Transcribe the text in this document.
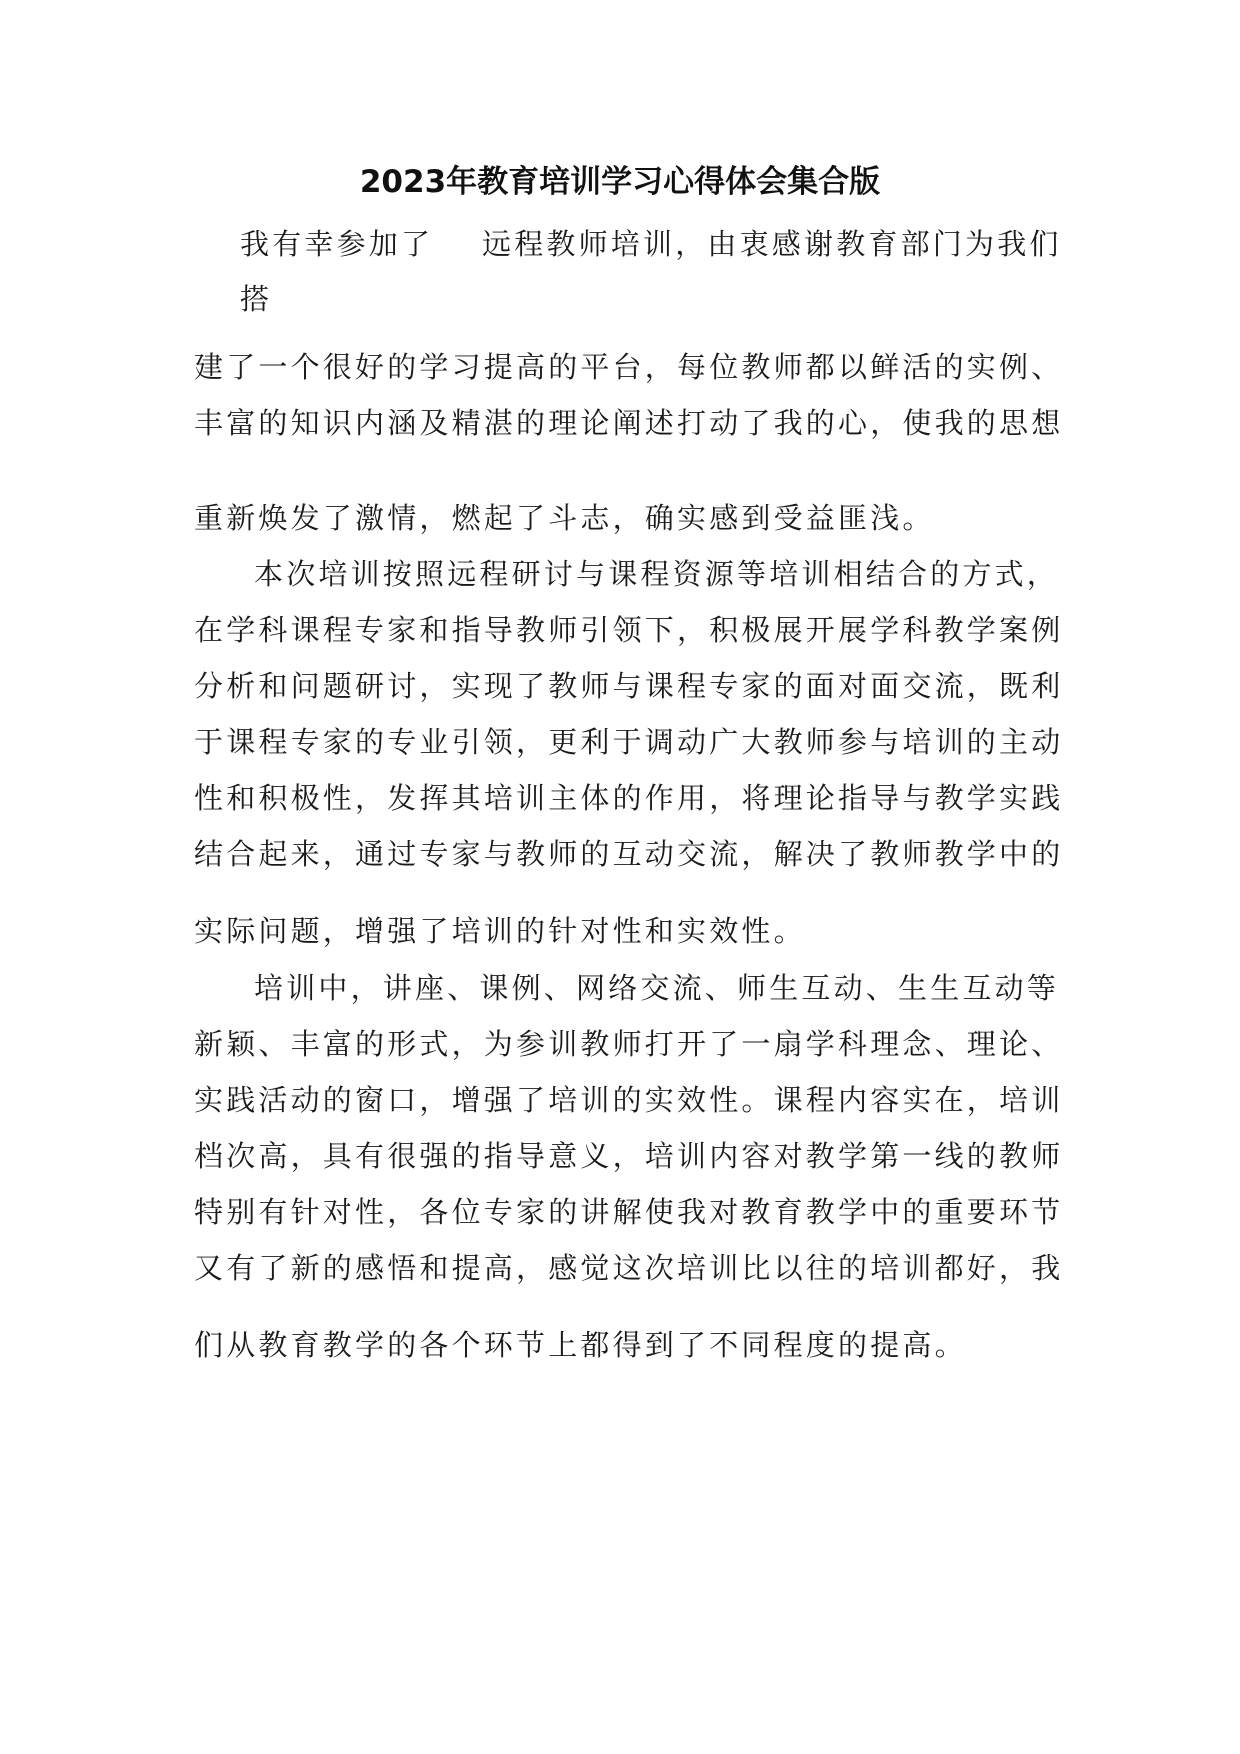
2023年教育培训学习心得体会集合版
我有幸参加了 远程教师培训，由衷感谢教育部门为我们
搭
建了一个很好的学习提高的平台，每位教师都以鲜活的实例、
丰富的知识内涵及精湛的理论阐述打动了我的心，使我的思想
重新焕发了激情，燃起了斗志，确实感到受益匪浅。
本次培训按照远程研讨与课程资源等培训相结合的方式，
在学科课程专家和指导教师引领下，积极展开展学科教学案例
分析和问题研讨，实现了教师与课程专家的面对面交流，既利
于课程专家的专业引领，更利于调动广大教师参与培训的主动
性和积极性，发挥其培训主体的作用，将理论指导与教学实践
结合起来，通过专家与教师的互动交流，解决了教师教学中的
实际问题，增强了培训的针对性和实效性。
培训中，讲座、课例、网络交流、师生互动、生生互动等
新颖、丰富的形式，为参训教师打开了一扇学科理念、理论、
实践活动的窗口，增强了培训的实效性。课程内容实在，培训
档次高，具有很强的指导意义，培训内容对教学第一线的教师
特别有针对性，各位专家的讲解使我对教育教学中的重要环节
又有了新的感悟和提高，感觉这次培训比以往的培训都好，我
们从教育教学的各个环节上都得到了不同程度的提高。
